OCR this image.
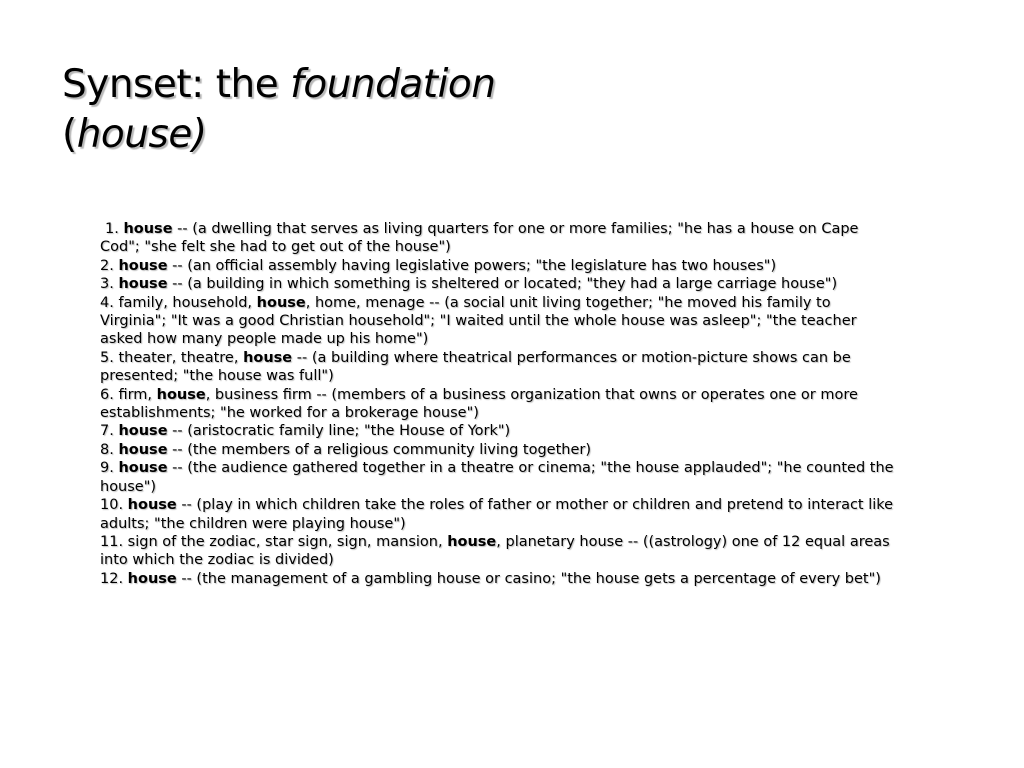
Synset: the foundation
(house)
1. house -- (a dwelling that serves as living quarters for one or more families; "he has a house on Cape Cod"; "she felt she had to get out of the house")
2. house -- (an official assembly having legislative powers; "the legislature has two houses")
3. house -- (a building in which something is sheltered or located; "they had a large carriage house")
4. family, household, house, home, menage -- (a social unit living together; "he moved his family to Virginia"; "It was a good Christian household"; "I waited until the whole house was asleep"; "the teacher asked how many people made up his home")
5. theater, theatre, house -- (a building where theatrical performances or motion-picture shows can be presented; "the house was full")
6. firm, house, business firm -- (members of a business organization that owns or operates one or more establishments; "he worked for a brokerage house")
7. house -- (aristocratic family line; "the House of York")
8. house -- (the members of a religious community living together)
9. house -- (the audience gathered together in a theatre or cinema; "the house applauded"; "he counted the house")
10. house -- (play in which children take the roles of father or mother or children and pretend to interact like adults; "the children were playing house")
11. sign of the zodiac, star sign, sign, mansion, house, planetary house -- ((astrology) one of 12 equal areas into which the zodiac is divided)
12. house -- (the management of a gambling house or casino; "the house gets a percentage of every bet")
